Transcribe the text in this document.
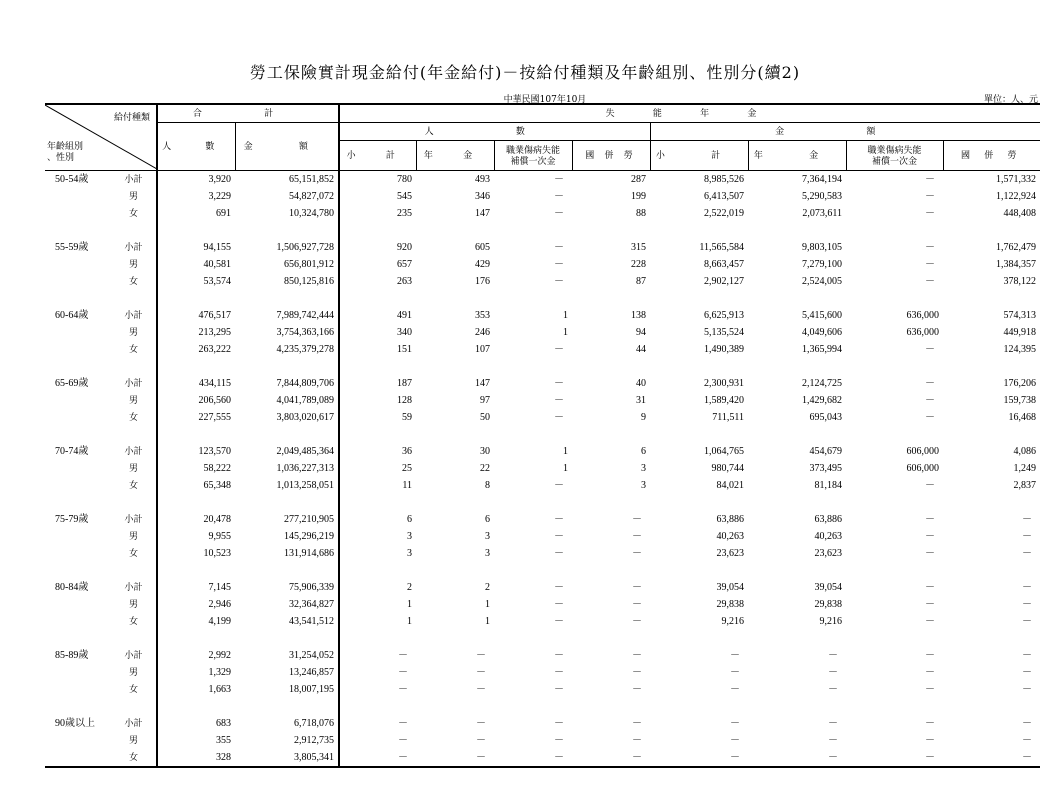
勞工保險實計現金給付(年金給付)－按給付種類及年齡組別、性別分(續2)
中華民國107年10月	單位：人、元
給付種類
年齡組別
、性別		合 計		失 能 年 金							
		人 數	金 額	人 數				金 額			
				小 計	年 金	職業傷病失能
補償一次金	國 併 勞	小 計	年 金	職業傷病失能
補償一次金	國 併 勞
50-54歲	小計	3,920	65,151,852	780	493	－	287	8,985,526	7,364,194	－	1,571,332
	男	3,229	54,827,072	545	346	－	199	6,413,507	5,290,583	－	1,122,924
	女	691	10,324,780	235	147	－	88	2,522,019	2,073,611	－	448,408

55-59歲	小計	94,155	1,506,927,728	920	605	－	315	11,565,584	9,803,105	－	1,762,479
	男	40,581	656,801,912	657	429	－	228	8,663,457	7,279,100	－	1,384,357
	女	53,574	850,125,816	263	176	－	87	2,902,127	2,524,005	－	378,122

60-64歲	小計	476,517	7,989,742,444	491	353	1	138	6,625,913	5,415,600	636,000	574,313
	男	213,295	3,754,363,166	340	246	1	94	5,135,524	4,049,606	636,000	449,918
	女	263,222	4,235,379,278	151	107	－	44	1,490,389	1,365,994	－	124,395

65-69歲	小計	434,115	7,844,809,706	187	147	－	40	2,300,931	2,124,725	－	176,206
	男	206,560	4,041,789,089	128	97	－	31	1,589,420	1,429,682	－	159,738
	女	227,555	3,803,020,617	59	50	－	9	711,511	695,043	－	16,468

70-74歲	小計	123,570	2,049,485,364	36	30	1	6	1,064,765	454,679	606,000	4,086
	男	58,222	1,036,227,313	25	22	1	3	980,744	373,495	606,000	1,249
	女	65,348	1,013,258,051	11	8	－	3	84,021	81,184	－	2,837

75-79歲	小計	20,478	277,210,905	6	6	－	－	63,886	63,886	－	－
	男	9,955	145,296,219	3	3	－	－	40,263	40,263	－	－
	女	10,523	131,914,686	3	3	－	－	23,623	23,623	－	－

80-84歲	小計	7,145	75,906,339	2	2	－	－	39,054	39,054	－	－
	男	2,946	32,364,827	1	1	－	－	29,838	29,838	－	－
	女	4,199	43,541,512	1	1	－	－	9,216	9,216	－	－

85-89歲	小計	2,992	31,254,052	－	－	－	－	－	－	－	－
	男	1,329	13,246,857	－	－	－	－	－	－	－	－
	女	1,663	18,007,195	－	－	－	－	－	－	－	－

90歲以上	小計	683	6,718,076	－	－	－	－	－	－	－	－
	男	355	2,912,735	－	－	－	－	－	－	－	－
	女	328	3,805,341	－	－	－	－	－	－	－	－
